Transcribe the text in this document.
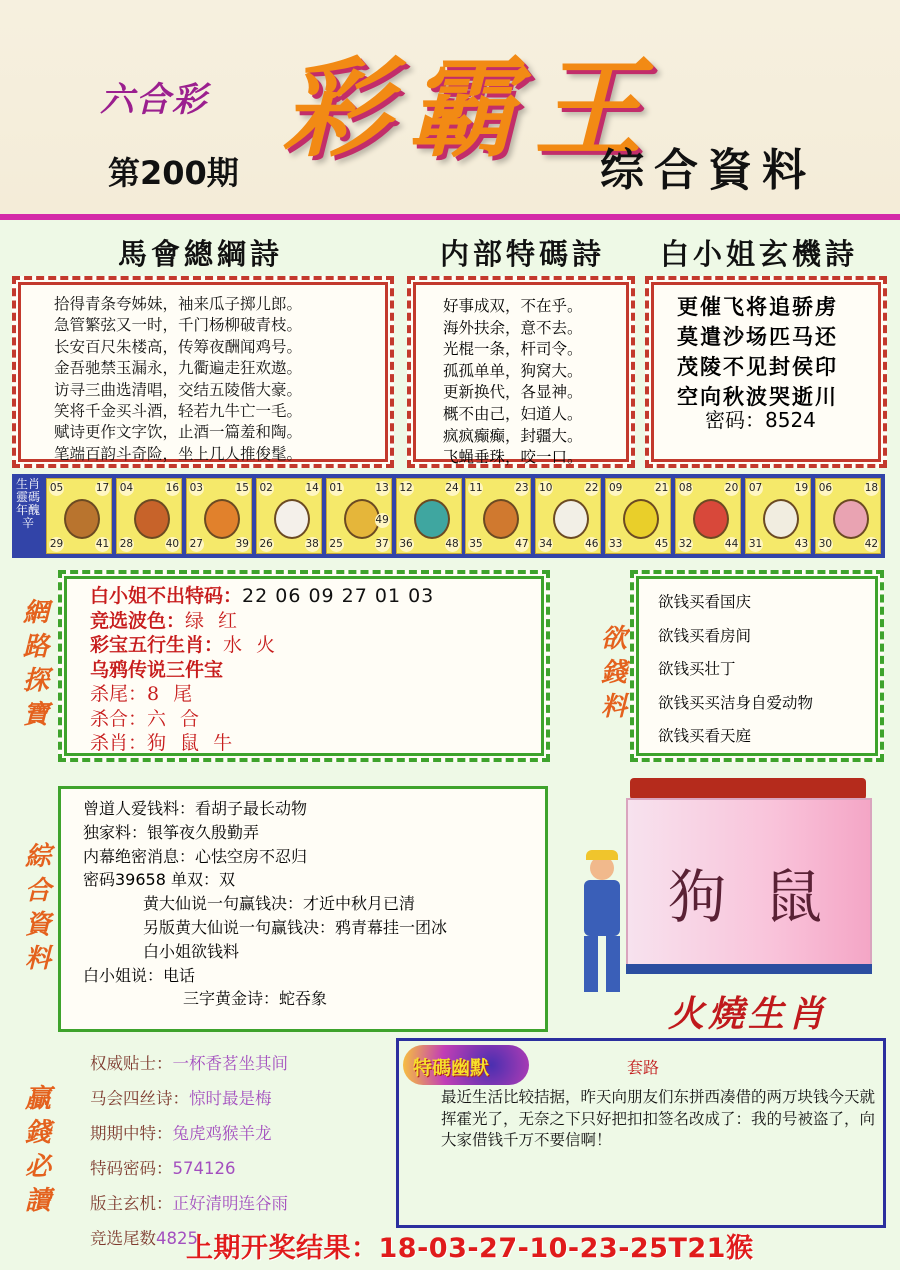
六合彩 彩霸王
第200期	综合資料
馬會總綱詩	内部特碼詩 白小姐玄機詩
拾得青条夸姊妹，袖来瓜子掷儿郎。
急管繁弦又一时，千门杨柳破青枝。
长安百尺朱楼高，传筹夜酬闻鸡号。
金吾驰禁玉漏永，九衢遍走狂欢遨。
访寻三曲选清唱，交结五陵偕大豪。
笑将千金买斗酒，轻若九牛亡一毛。
赋诗更作文字饮，止酒一篇羞和陶。
笔端百韵斗奇险，坐上几人推俊髦。
好事成双，不在乎。
海外扶余，意不去。
光棍一条，杆司令。
孤孤单单，狗窝大。
更新换代，各显神。
概不由己，妇道人。
疯疯癫癫，封疆大。
飞蝇垂珠，咬一口。
更催飞将追骄虏
莫遣沙场匹马还
茂陵不见封侯印
空向秋波哭逝川
密码：8524
生肖靈碼 年醜辛
05	17
29	41
04	16
28	40
03	15
27	39
02	14
26	38
01	13
25	37
49
12	24
36	48
11	23
35	47
10	22
34	46
09	21
33	45
08	20
32	44
07	19
31	43
06	18
30	42
網路探寶
白小姐不出特码：22 06 09 27 01 03
竞选波色：绿 红
彩宝五行生肖：水 火
乌鸦传说三件宝
杀尾：8 尾
杀合：六 合
杀肖：狗 鼠 牛
欲錢料
欲钱买看国庆
欲钱买看房间
欲钱买壮丁
欲钱买买洁身自爱动物
欲钱买看天庭
綜合資料
曾道人爱钱料：看胡子最长动物
独家料：银筝夜久殷勤弄
内幕绝密消息：心怯空房不忍归
密码39658 单双：双
黄大仙说一句赢钱决：才近中秋月已清
另版黄大仙说一句赢钱决：鸦青幕挂一团冰
白小姐欲钱料
白小姐说：电话
三字黄金诗：蛇吞象
狗 鼠
火燒生肖
贏錢必讀
权威贴士：一杯香茗坐其间
马会四丝诗：惊时最是梅
期期中特：兔虎鸡猴羊龙
特码密码：574126
版主玄机：正好清明连谷雨
竞选尾数4825
特碼幽默	套路
最近生活比较拮据，昨天向朋友们东拼西凑借的两万块钱今天就挥霍光了，无奈之下只好把扣扣签名改成了：我的号被盗了，向大家借钱千万不要信啊！
上期开奖结果：18-03-27-10-23-25T21猴
